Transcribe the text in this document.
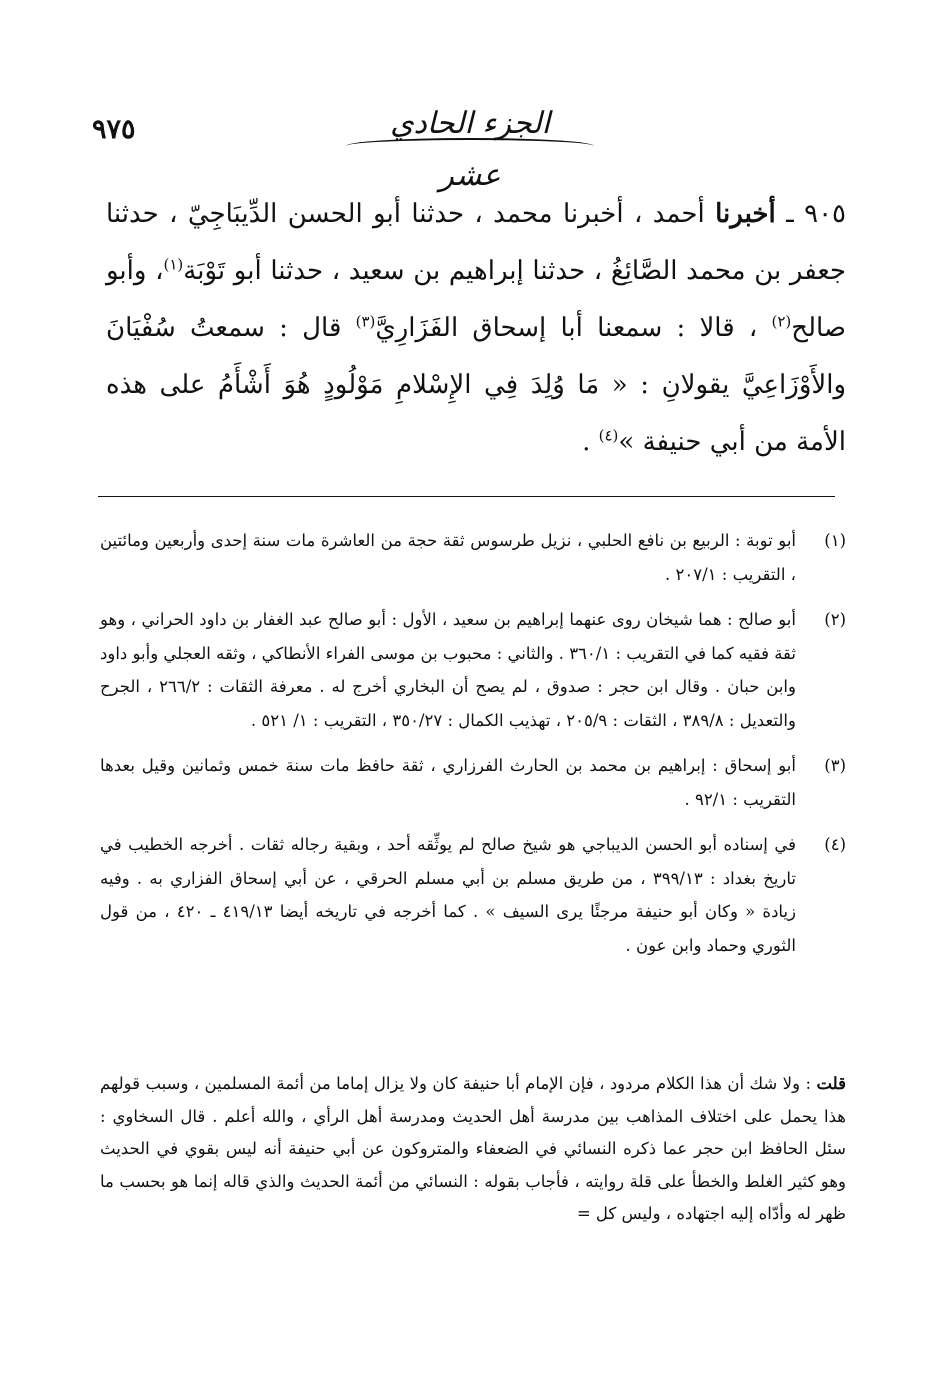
٩٧٥	الجزء الحادي عشر
٩٠٥ ـ أخبرنا أحمد ، أخبرنا محمد ، حدثنا أبو الحسن الدِّيبَاجِيّ ، حدثنا جعفر بن محمد الصَّائِغُ ، حدثنا إبراهيم بن سعيد ، حدثنا أبو تَوْبَة$^{(١)}$، وأبو صالح$^{(٢)}$ ، قالا : سمعنا أبا إسحاق الفَزَارِيَّ$^{(٣)}$ قال : سمعتُ سُفْيَانَ والأَوْزَاعِيَّ يقولانِ : « مَا وُلِدَ فِي الإِسْلامِ مَوْلُودٍ هُوَ أَشْأَمُ على هذه الأمة من أبي حنيفة »$^{(٤)}$ .
(١)
أبو توبة : الربيع بن نافع الحلبي ، نزيل طرسوس ثقة حجة من العاشرة مات سنة إحدى وأربعين ومائتين ، التقريب : ٢٠٧/١ .
(٢)
أبو صالح : هما شيخان روى عنهما إبراهيم بن سعيد ، الأول : أبو صالح عبد الغفار بن داود الحراني ، وهو ثقة فقيه كما في التقريب : ٣٦٠/١ . والثاني : محبوب بن موسى الفراء الأنطاكي ، وثقه العجلي وأبو داود وابن حبان . وقال ابن حجر : صدوق ، لم يصح أن البخاري أخرج له . معرفة الثقات : ٢٦٦/٢ ، الجرح والتعديل : ٣٨٩/٨ ، الثقات : ٢٠٥/٩ ، تهذيب الكمال : ٣٥٠/٢٧ ، التقريب : ١/ ٥٢١ .
(٣)
أبو إسحاق : إبراهيم بن محمد بن الحارث الفرزاري ، ثقة حافظ مات سنة خمس وثمانين وقيل بعدها التقريب : ٩٢/١ .
(٤)
في إسناده أبو الحسن الديباجي هو شيخ صالح لم يوثِّقه أحد ، وبقية رجاله ثقات . أخرجه الخطيب في تاريخ بغداد : ٣٩٩/١٣ ، من طريق مسلم بن أبي مسلم الحرقي ، عن أبي إسحاق الفزاري به . وفيه زيادة « وكان أبو حنيفة مرجئًا يرى السيف » . كما أخرجه في تاريخه أيضا ٤١٩/١٣ ـ ٤٢٠ ، من قول الثوري وحماد وابن عون .
قلت : ولا شك أن هذا الكلام مردود ، فإن الإمام أبا حنيفة كان ولا يزال إماما من أئمة المسلمين ، وسبب قولهم هذا يحمل على اختلاف المذاهب بين مدرسة أهل الحديث ومدرسة أهل الرأي ، والله أعلم . قال السخاوي : سئل الحافظ ابن حجر عما ذكره النسائي في الضعفاء والمتروكون عن أبي حنيفة أنه ليس بقوي في الحديث وهو كثير الغلط والخطأ على قلة روايته ، فأجاب بقوله : النسائي من أئمة الحديث والذي قاله إنما هو بحسب ما ظهر له وأدّاه إليه اجتهاده ، وليس كل =
